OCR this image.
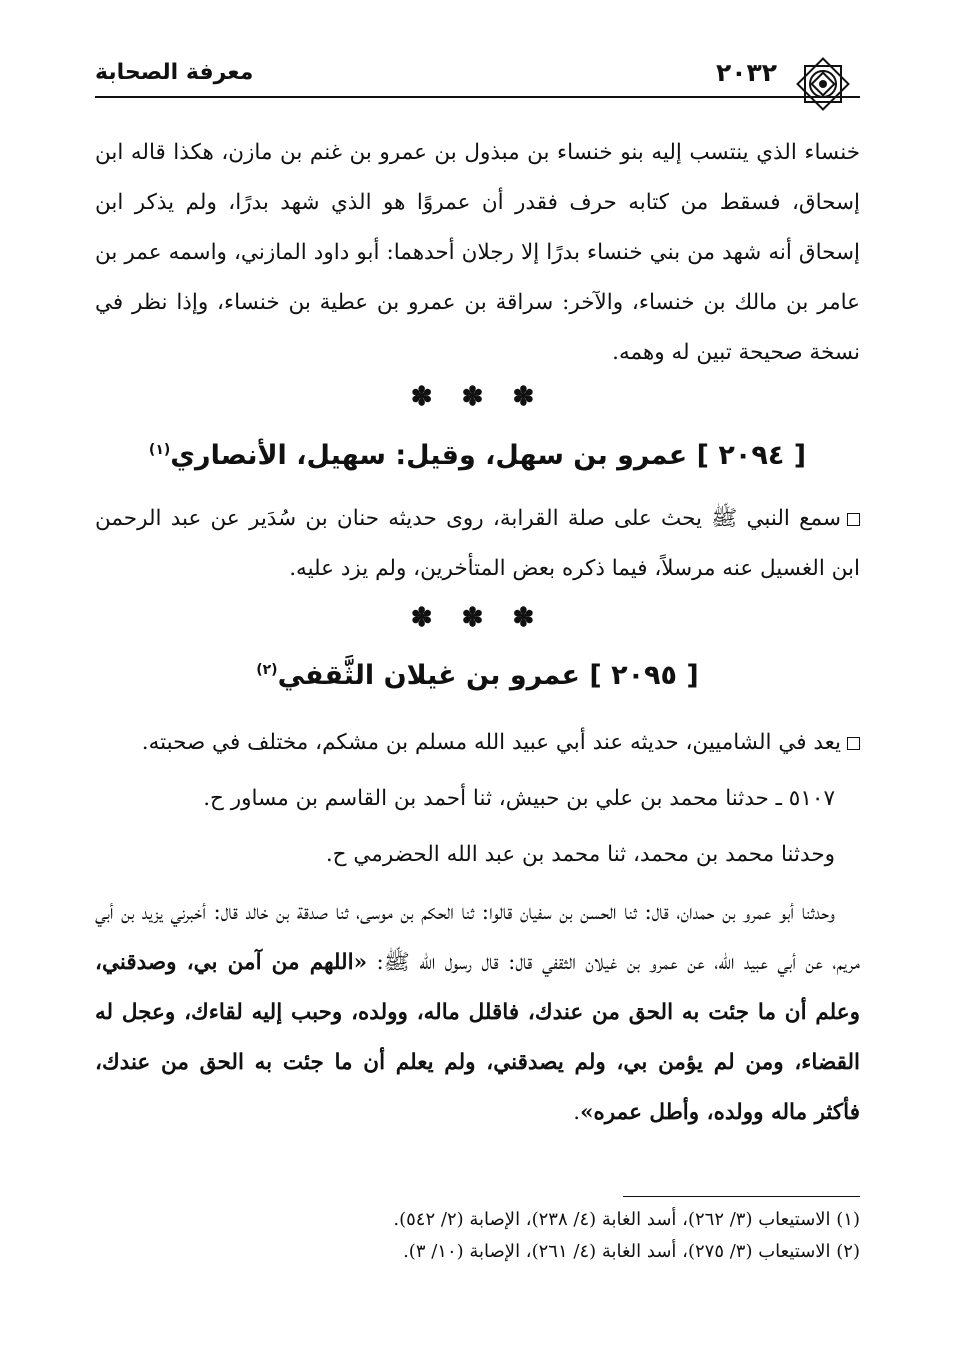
٢٠٣٢
معرفة الصحابة
خنساء الذي ينتسب إليه بنو خنساء بن مبذول بن عمرو بن غنم بن مازن، هكذا قاله ابن إسحاق، فسقط من كتابه حرف فقدر أن عمروًا هو الذي شهد بدرًا، ولم يذكر ابن إسحاق أنه شهد من بني خنساء بدرًا إلا رجلان أحدهما: أبو داود المازني، واسمه عمر بن عامر بن مالك بن خنساء، والآخر: سراقة بن عمرو بن عطية بن خنساء، وإذا نظر في نسخة صحيحة تبين له وهمه.
✽ ✽ ✽
[ ٢٠٩٤ ] عمرو بن سهل، وقيل: سهيل، الأنصاري$^{(١)}$
سمع النبي ﷺ يحث على صلة القرابة، روى حديثه حنان بن سُدَير عن عبد الرحمن ابن الغسيل عنه مرسلاً، فيما ذكره بعض المتأخرين، ولم يزد عليه.
✽ ✽ ✽
[ ٢٠٩٥ ] عمرو بن غيلان الثَّقفي$^{(٢)}$
يعد في الشاميين، حديثه عند أبي عبيد الله مسلم بن مشكم، مختلف في صحبته.
٥١٠٧ ـ حدثنا محمد بن علي بن حبيش، ثنا أحمد بن القاسم بن مساور ح.
وحدثنا محمد بن محمد، ثنا محمد بن عبد الله الحضرمي ح.
وحدثنا أبو عمرو بن حمدان، قال: ثنا الحسن بن سفيان قالوا: ثنا الحكم بن موسى، ثنا صدقة بن خالد قال: أخبرني يزيد بن أبي مريم، عن أبي عبيد الله، عن عمرو بن غيلان الثقفي قال: قال رسول الله ﷺ: «اللهم من آمن بي، وصدقني، وعلم أن ما جئت به الحق من عندك، فاقلل ماله، وولده، وحبب إليه لقاءك، وعجل له القضاء، ومن لم يؤمن بي، ولم يصدقني، ولم يعلم أن ما جئت به الحق من عندك، فأكثر ماله وولده، وأطل عمره».
(١) الاستيعاب (٣/ ٢٦٢)، أسد الغابة (٤/ ٢٣٨)، الإصابة (٢/ ٥٤٢).
(٢) الاستيعاب (٣/ ٢٧٥)، أسد الغابة (٤/ ٢٦١)، الإصابة (١٠/ ٣).
